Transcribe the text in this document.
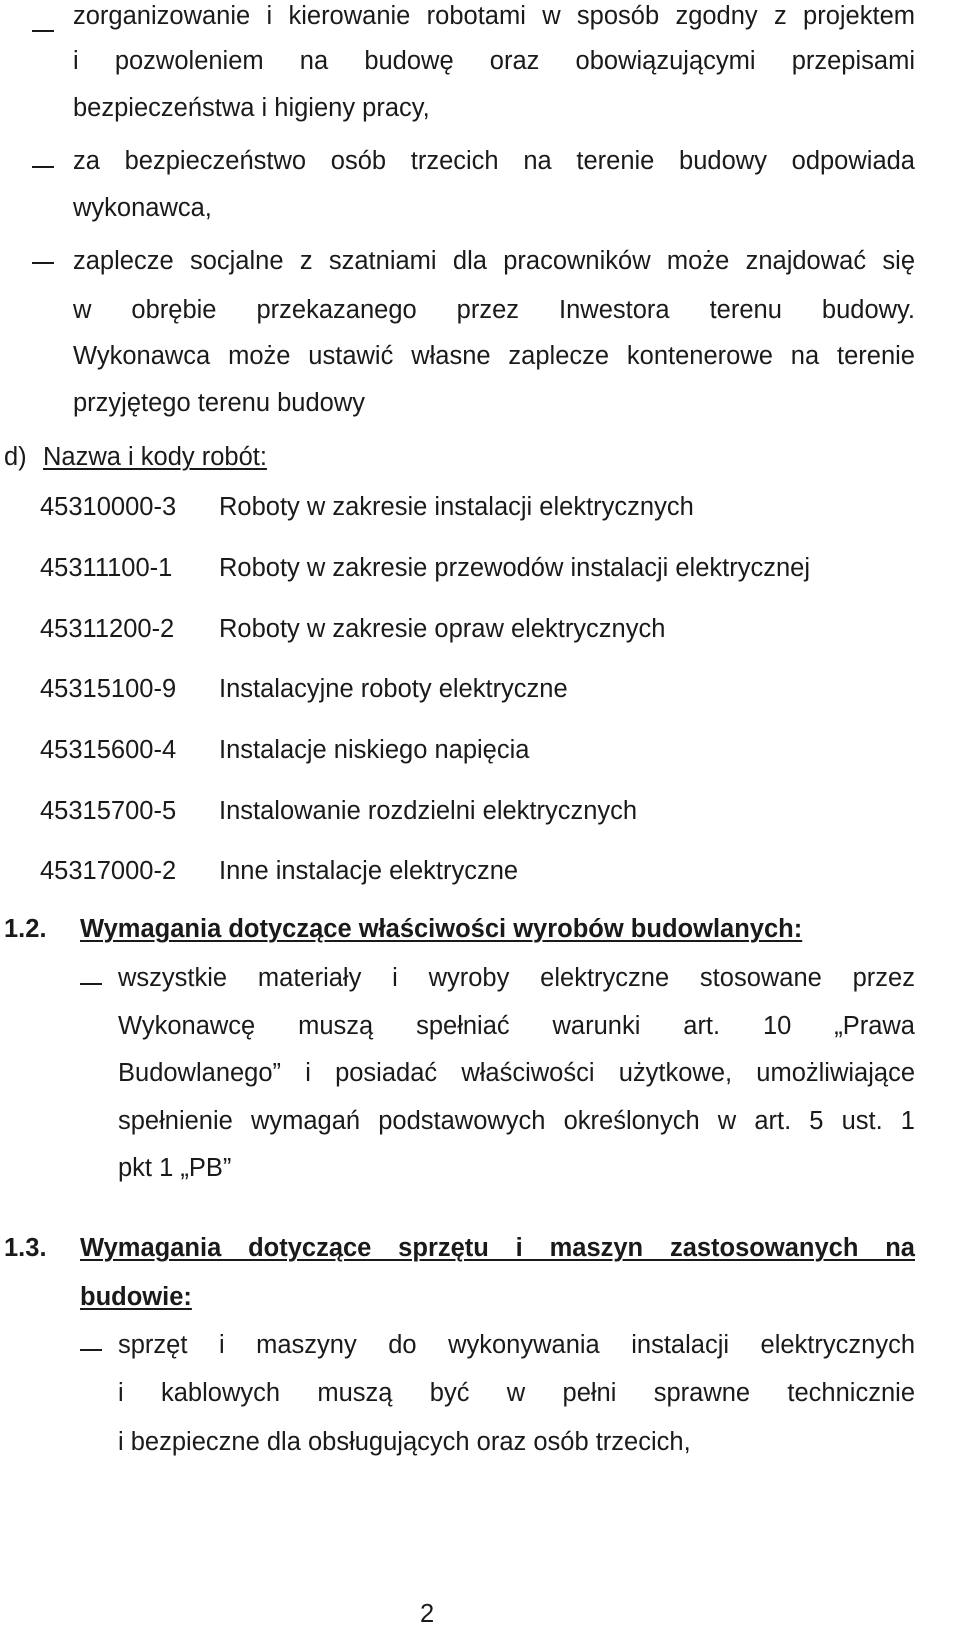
zorganizowanie i kierowanie robotami w sposób zgodny z projektem
i pozwoleniem na budowę oraz obowiązującymi przepisami
bezpieczeństwa i higieny pracy,
za bezpieczeństwo osób trzecich na terenie budowy odpowiada
wykonawca,
zaplecze socjalne z szatniami dla pracowników może znajdować się
w obrębie przekazanego przez Inwestora terenu budowy.
Wykonawca może ustawić własne zaplecze kontenerowe na terenie
przyjętego terenu budowy
d) Nazwa i kody robót:
45310000-3 Roboty w zakresie instalacji elektrycznych
45311100-1 Roboty w zakresie przewodów instalacji elektrycznej
45311200-2 Roboty w zakresie opraw elektrycznych
45315100-9 Instalacyjne roboty elektryczne
45315600-4 Instalacje niskiego napięcia
45315700-5 Instalowanie rozdzielni elektrycznych
45317000-2 Inne instalacje elektryczne
1.2. Wymagania dotyczące właściwości wyrobów budowlanych:
wszystkie materiały i wyroby elektryczne stosowane przez
Wykonawcę muszą spełniać warunki art. 10 „Prawa
Budowlanego” i posiadać właściwości użytkowe, umożliwiające
spełnienie wymagań podstawowych określonych w art. 5 ust. 1
pkt 1 „PB”
1.3. Wymagania dotyczące sprzętu i maszyn zastosowanych na
budowie:
sprzęt i maszyny do wykonywania instalacji elektrycznych
i kablowych muszą być w pełni sprawne technicznie
i bezpieczne dla obsługujących oraz osób trzecich,
2
